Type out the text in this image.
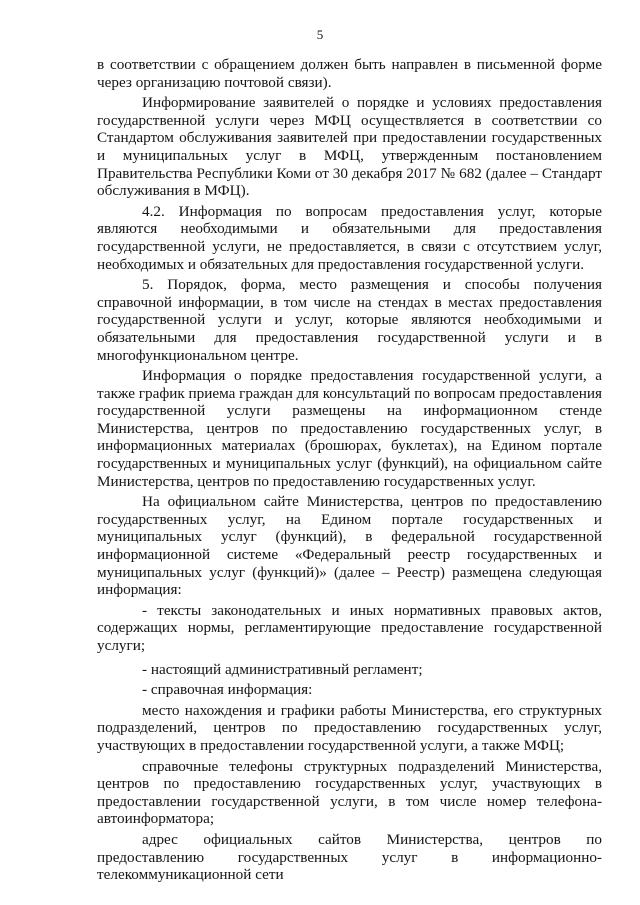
5

в соответствии с обращением должен быть направлен в письменной форме через организацию почтовой связи).

Информирование заявителей о порядке и условиях предоставления государственной услуги через МФЦ осуществляется в соответствии со Стандартом обслуживания заявителей при предоставлении государственных и муниципальных услуг в МФЦ, утвержденным постановлением Правительства Республики Коми от 30 декабря 2017 № 682 (далее – Стандарт обслуживания в МФЦ).

4.2. Информация по вопросам предоставления услуг, которые являются необходимыми и обязательными для предоставления государственной услуги, не предоставляется, в связи с отсутствием услуг, необходимых и обязательных для предоставления государственной услуги.

5. Порядок, форма, место размещения и способы получения справочной информации, в том числе на стендах в местах предоставления государственной услуги и услуг, которые являются необходимыми и обязательными для предоставления государственной услуги и в многофункциональном центре.

Информация о порядке предоставления государственной услуги, а также график приема граждан для консультаций по вопросам предоставления государственной услуги размещены на информационном стенде Министерства, центров по предоставлению государственных услуг, в информационных материалах (брошюрах, буклетах), на Едином портале государственных и муниципальных услуг (функций), на официальном сайте Министерства, центров по предоставлению государственных услуг.

На официальном сайте Министерства, центров по предоставлению государственных услуг, на Едином портале государственных и муниципальных услуг (функций), в федеральной государственной информационной системе «Федеральный реестр государственных и муниципальных услуг (функций)» (далее – Реестр) размещена следующая информация:

- тексты законодательных и иных нормативных правовых актов, содержащих нормы, регламентирующие предоставление государственной услуги;

- настоящий административный регламент;

- справочная информация:

место нахождения и графики работы Министерства, его структурных подразделений, центров по предоставлению государственных услуг, участвующих в предоставлении государственной услуги, а также МФЦ;

справочные телефоны структурных подразделений Министерства, центров по предоставлению государственных услуг, участвующих в предоставлении государственной услуги, в том числе номер телефона-автоинформатора;

адрес официальных сайтов Министерства, центров по предоставлению государственных услуг в информационно-телекоммуникационной сети
